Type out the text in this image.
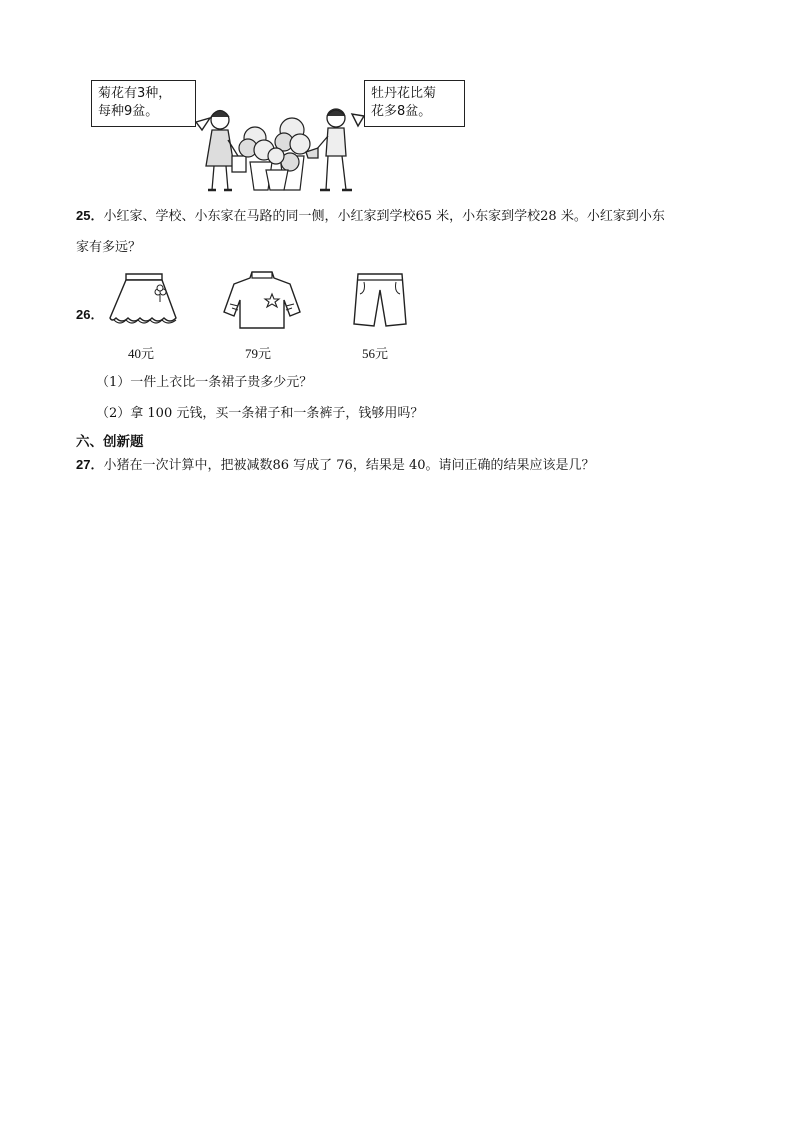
菊花有3种，
每种9盆。
牡丹花比菊
花多8盆。
25．小红家、学校、小东家在马路的同一侧，小红家到学校65 米，小东家到学校28 米。小红家到小东
家有多远？
26．
40元	79元	56元
（1）一件上衣比一条裙子贵多少元？
（2）拿 100 元钱，买一条裙子和一条裤子，钱够用吗？
六、创新题
27．小猪在一次计算中，把被减数86 写成了 76，结果是 40。请问正确的结果应该是几？
